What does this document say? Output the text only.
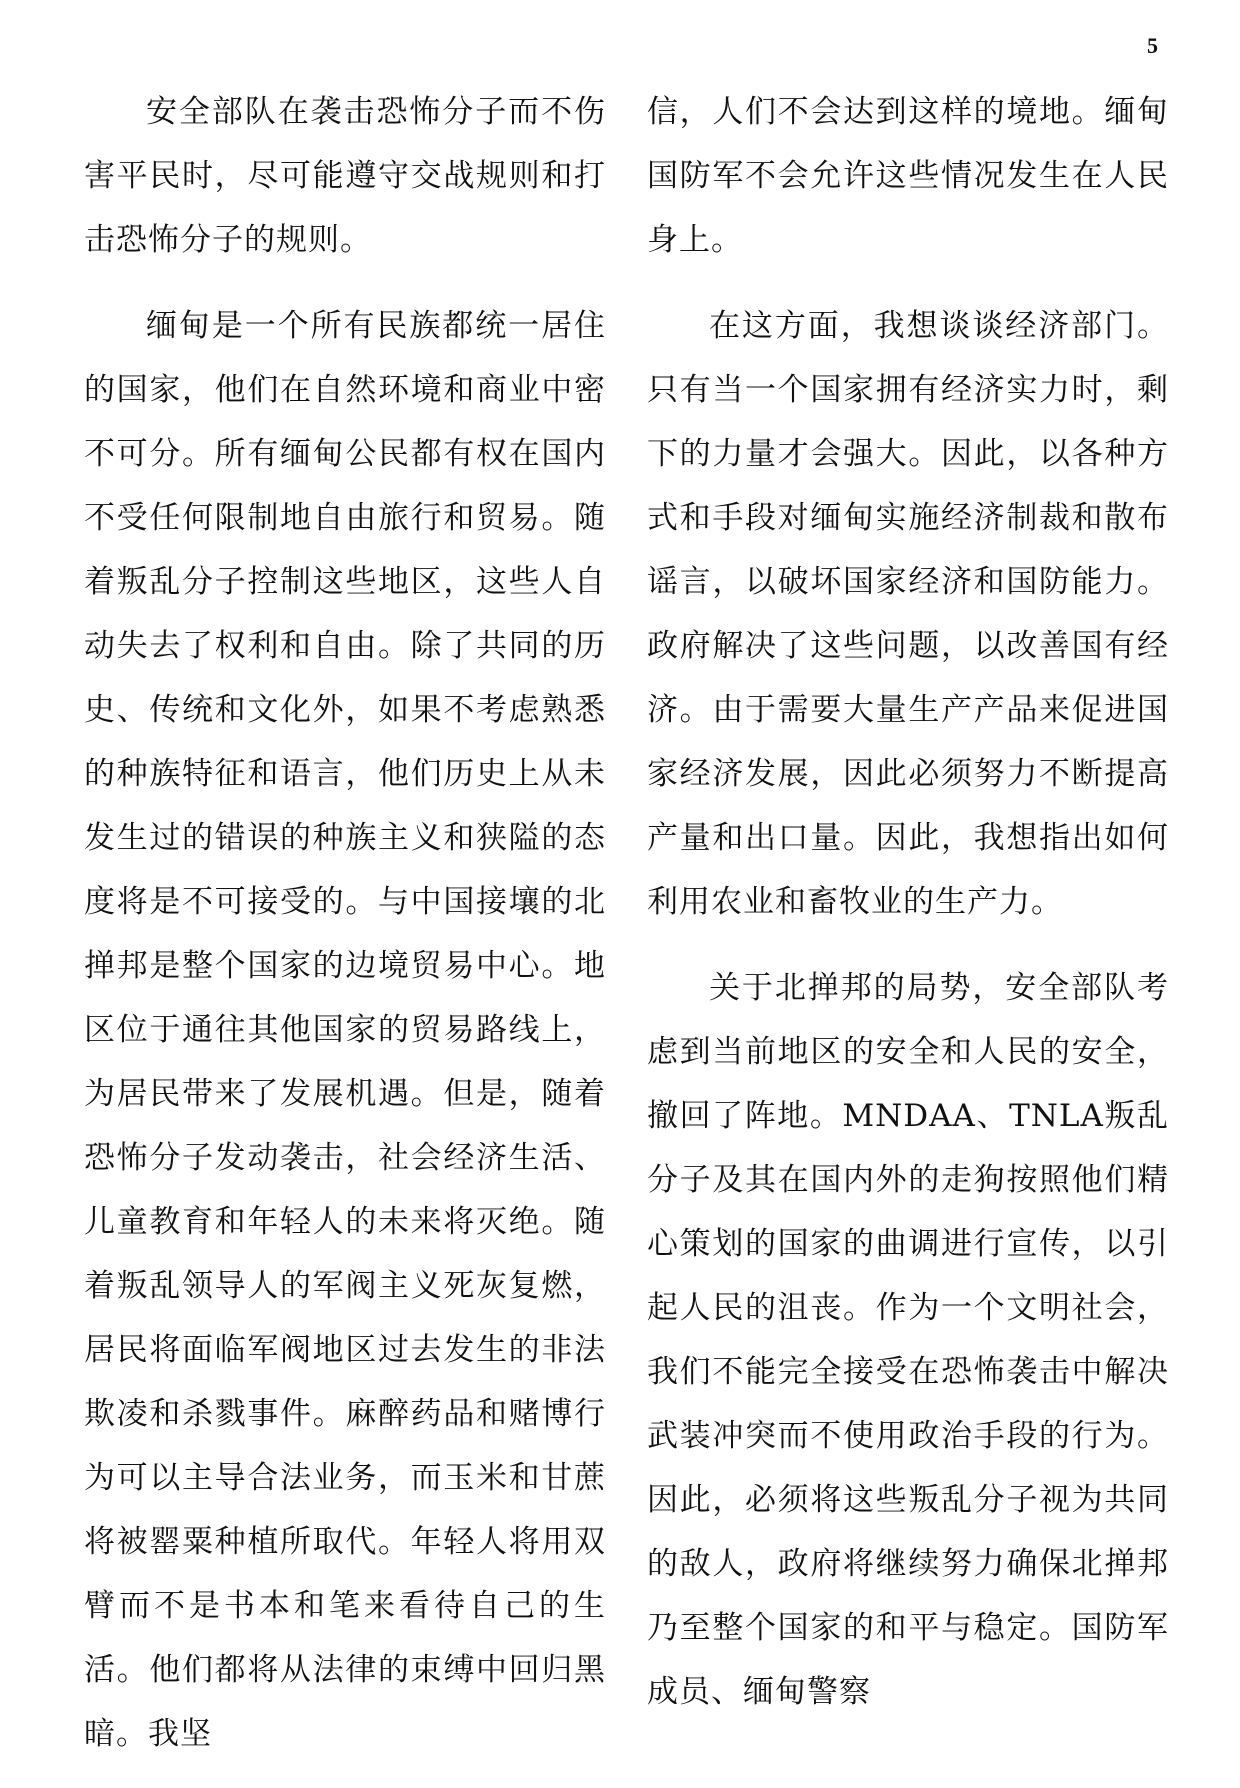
5

安全部队在袭击恐怖分子而不伤害平民时，尽可能遵守交战规则和打击恐怖分子的规则。

缅甸是一个所有民族都统一居住的国家，他们在自然环境和商业中密不可分。所有缅甸公民都有权在国内不受任何限制地自由旅行和贸易。随着叛乱分子控制这些地区，这些人自动失去了权利和自由。除了共同的历史、传统和文化外，如果不考虑熟悉的种族特征和语言，他们历史上从未发生过的错误的种族主义和狭隘的态度将是不可接受的。与中国接壤的北掸邦是整个国家的边境贸易中心。地区位于通往其他国家的贸易路线上，为居民带来了发展机遇。但是，随着恐怖分子发动袭击，社会经济生活、儿童教育和年轻人的未来将灭绝。随着叛乱领导人的军阀主义死灰复燃，居民将面临军阀地区过去发生的非法欺凌和杀戮事件。麻醉药品和赌博行为可以主导合法业务，而玉米和甘蔗将被罂粟种植所取代。年轻人将用双臂而不是书本和笔来看待自己的生活。他们都将从法律的束缚中回归黑暗。我坚

信，人们不会达到这样的境地。缅甸国防军不会允许这些情况发生在人民身上。

在这方面，我想谈谈经济部门。只有当一个国家拥有经济实力时，剩下的力量才会强大。因此，以各种方式和手段对缅甸实施经济制裁和散布谣言，以破坏国家经济和国防能力。政府解决了这些问题，以改善国有经济。由于需要大量生产产品来促进国家经济发展，因此必须努力不断提高产量和出口量。因此，我想指出如何利用农业和畜牧业的生产力。

关于北掸邦的局势，安全部队考虑到当前地区的安全和人民的安全，撤回了阵地。MNDAA、TNLA叛乱分子及其在国内外的走狗按照他们精心策划的国家的曲调进行宣传，以引起人民的沮丧。作为一个文明社会，我们不能完全接受在恐怖袭击中解决武装冲突而不使用政治手段的行为。因此，必须将这些叛乱分子视为共同的敌人，政府将继续努力确保北掸邦乃至整个国家的和平与稳定。国防军成员、缅甸警察
